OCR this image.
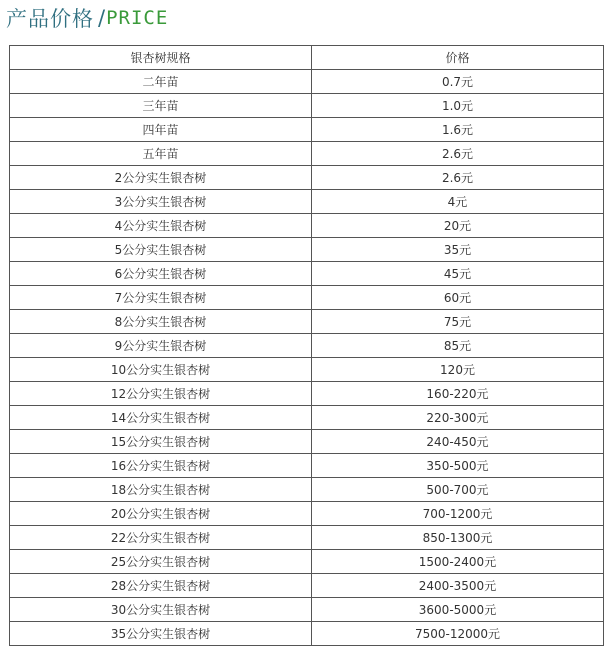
产品价格 / PRICE
银杏树规格	价格
二年苗	0.7元
三年苗	1.0元
四年苗	1.6元
五年苗	2.6元
2公分实生银杏树	2.6元
3公分实生银杏树	4元
4公分实生银杏树	20元
5公分实生银杏树	35元
6公分实生银杏树	45元
7公分实生银杏树	60元
8公分实生银杏树	75元
9公分实生银杏树	85元
10公分实生银杏树	120元
12公分实生银杏树	160-220元
14公分实生银杏树	220-300元
15公分实生银杏树	240-450元
16公分实生银杏树	350-500元
18公分实生银杏树	500-700元
20公分实生银杏树	700-1200元
22公分实生银杏树	850-1300元
25公分实生银杏树	1500-2400元
28公分实生银杏树	2400-3500元
30公分实生银杏树	3600-5000元
35公分实生银杏树	7500-12000元
